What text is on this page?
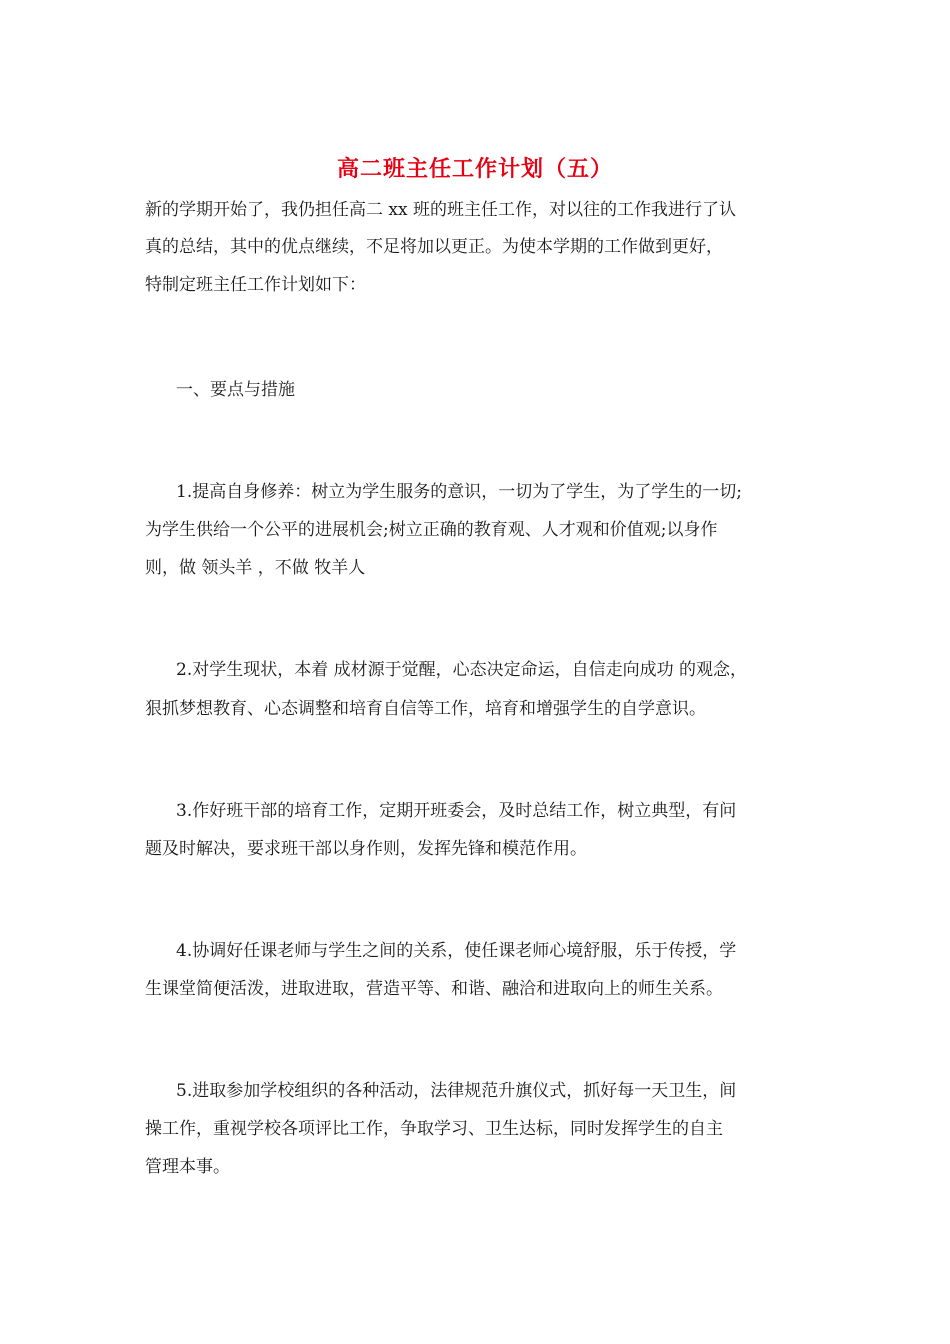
高二班主任工作计划（五）
新的学期开始了，我仍担任高二 xx 班的班主任工作，对以往的工作我进行了认
真的总结，其中的优点继续，不足将加以更正。为使本学期的工作做到更好，
特制定班主任工作计划如下：
一、要点与措施
1.提高自身修养：树立为学生服务的意识，一切为了学生，为了学生的一切;
为学生供给一个公平的进展机会;树立正确的教育观、人才观和价值观;以身作
则，做 领头羊 ，不做 牧羊人
2.对学生现状，本着 成材源于觉醒，心态决定命运，自信走向成功 的观念，
狠抓梦想教育、心态调整和培育自信等工作，培育和增强学生的自学意识。
3.作好班干部的培育工作，定期开班委会，及时总结工作，树立典型，有问
题及时解决，要求班干部以身作则，发挥先锋和模范作用。
4.协调好任课老师与学生之间的关系，使任课老师心境舒服，乐于传授，学
生课堂简便活泼，进取进取，营造平等、和谐、融洽和进取向上的师生关系。
5.进取参加学校组织的各种活动，法律规范升旗仪式，抓好每一天卫生，间
操工作，重视学校各项评比工作，争取学习、卫生达标，同时发挥学生的自主
管理本事。
